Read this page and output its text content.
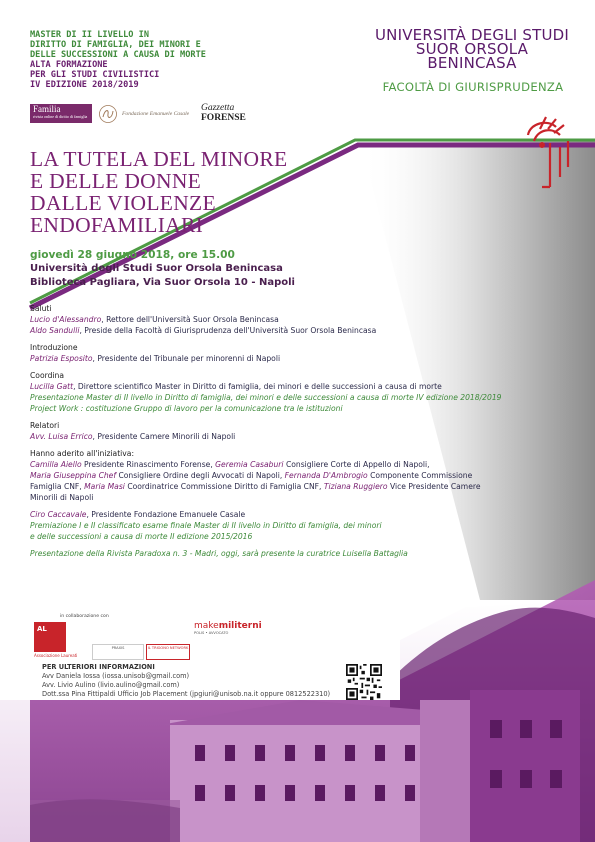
MASTER DI II LIVELLO IN
DIRITTO DI FAMIGLIA, DEI MINORI E
DELLE SUCCESSIONI A CAUSA DI MORTE
ALTA FORMAZIONE
PER GLI STUDI CIVILISTICI
IV EDIZIONE 2018/2019
Familia
rivista online di diritto di famiglia	Fondazione Emanuele Casale
Gazzetta
FORENSE
UNIVERSITÀ DEGLI STUDI
SUOR ORSOLA
BENINCASA
FACOLTÀ DI GIURISPRUDENZA
LA TUTELA DEL MINORE
E DELLE DONNE
DALLE VIOLENZE
ENDOFAMILIARI
giovedì 28 giugno 2018, ore 15.00
Università degli Studi Suor Orsola Benincasa
Biblioteca Pagliara, Via Suor Orsola 10 - Napoli
Saluti
Lucio d'Alessandro, Rettore dell'Università Suor Orsola Benincasa
Aldo Sandulli, Preside della Facoltà di Giurisprudenza dell'Università Suor Orsola Benincasa
Introduzione
Patrizia Esposito, Presidente del Tribunale per minorenni di Napoli
Coordina
Lucilla Gatt, Direttore scientifico Master in Diritto di famiglia, dei minori e delle successioni a causa di morte
Presentazione Master di II livello in Diritto di famiglia, dei minori e delle successioni a causa di morte IV edizione 2018/2019
Project Work : costituzione Gruppo di lavoro per la comunicazione tra le istituzioni
Relatori
Avv. Luisa Errico, Presidente Camere Minorili di Napoli
Hanno aderito all'iniziativa:
Camilla Aiello Presidente Rinascimento Forense, Geremia Casaburi Consigliere Corte di Appello di Napoli,
Maria Giuseppina Chef Consigliere Ordine degli Avvocati di Napoli, Fernanda D'Ambrogio Componente Commissione
Famiglia CNF, Maria Masi Coordinatrice Commissione Diritto di Famiglia CNF, Tiziana Ruggiero Vice Presidente Camere
Minorili di Napoli
Ciro Caccavale, Presidente Fondazione Emanuele Casale
Premiazione I e II classificato esame finale Master di II livello in Diritto di famiglia, dei minori
e delle successioni a causa di morte II edizione 2015/2016
Presentazione della Rivista Paradoxa n. 3 - Madri, oggi, sarà presente la curatrice Luisella Battaglia
in collaborazione con
AL
Associazione Laureati
PRAXIS	IL TRIGONO NETWORK
makemiliterni
POLIS • AVVOCATO
PER ULTERIORI INFORMAZIONI
Avv Daniela Iossa (iossa.unisob@gmail.com)
Avv. Livio Aulino (livio.aulino@gmail.com)
Dott.ssa Pina Fittipaldi Ufficio Job Placement (jpgiuri@unisob.na.it oppure 0812522310)
